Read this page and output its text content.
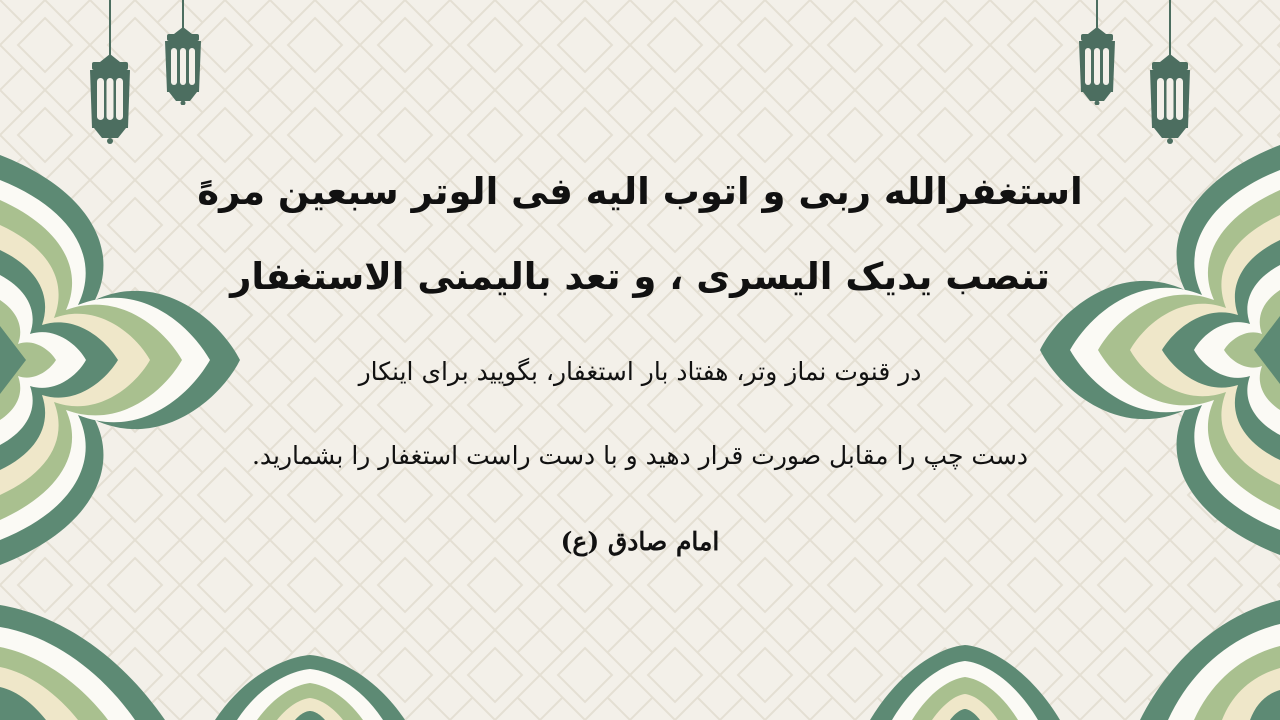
استغفرالله ربی و اتوب الیه فی الوتر سبعین مرهً
تنصب یدیک الیسری ، و تعد بالیمنی الاستغفار
در قنوت نماز وتر، هفتاد بار استغفار، بگویید برای اینکار
دست چپ را مقابل صورت قرار دهید و با دست راست استغفار را بشمارید.
امام صادق (ع)
